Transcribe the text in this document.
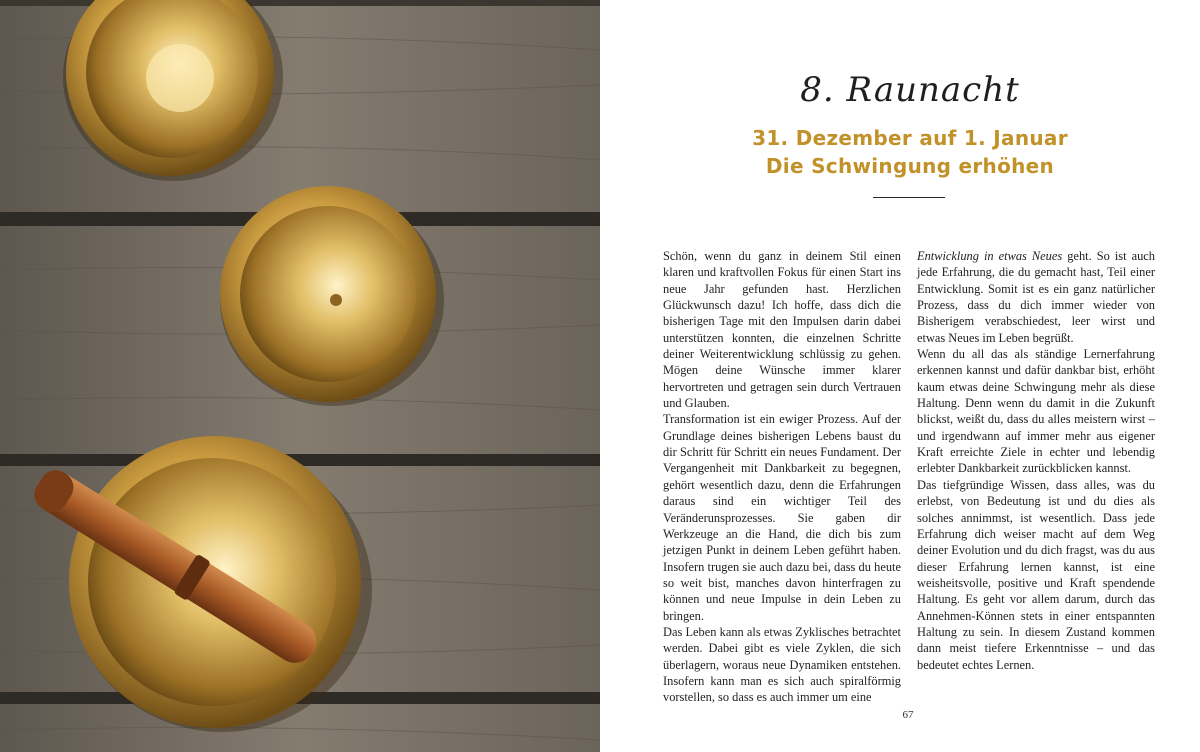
8. Raunacht
31. Dezember auf 1. Januar
Die Schwingung erhöhen

Schön, wenn du ganz in deinem Stil einen klaren und kraftvollen Fokus für einen Start ins neue Jahr gefunden hast. Herzlichen Glückwunsch dazu! Ich hoffe, dass dich die bisherigen Tage mit den Impulsen darin dabei unterstützen konnten, die einzelnen Schritte deiner Weiterentwicklung schlüssig zu gehen. Mögen deine Wünsche immer klarer hervortreten und getragen sein durch Vertrauen und Glauben.

Transformation ist ein ewiger Prozess. Auf der Grundlage deines bisherigen Lebens baust du dir Schritt für Schritt ein neues Fundament. Der Vergangenheit mit Dankbarkeit zu begegnen, gehört wesentlich dazu, denn die Erfahrungen daraus sind ein wichtiger Teil des Veränderunsprozesses. Sie gaben dir Werkzeuge an die Hand, die dich bis zum jetzigen Punkt in deinem Leben geführt haben. Insofern trugen sie auch dazu bei, dass du heute so weit bist, manches davon hinterfragen zu können und neue Impulse in dein Leben zu bringen.

Das Leben kann als etwas Zyklisches betrachtet werden. Dabei gibt es viele Zyklen, die sich überlagern, woraus neue Dynamiken entstehen. Insofern kann man es sich auch spiralförmig vorstellen, so dass es auch immer um eine

Entwicklung in etwas Neues geht. So ist auch jede Erfahrung, die du gemacht hast, Teil einer Entwicklung. Somit ist es ein ganz natürlicher Prozess, dass du dich immer wieder von Bisherigem verabschiedest, leer wirst und etwas Neues im Leben begrüßt.

Wenn du all das als ständige Lernerfahrung erkennen kannst und dafür dankbar bist, erhöht kaum etwas deine Schwingung mehr als diese Haltung. Denn wenn du damit in die Zukunft blickst, weißt du, dass du alles meistern wirst – und irgendwann auf immer mehr aus eigener Kraft erreichte Ziele in echter und lebendig erlebter Dankbarkeit zurückblicken kannst.

Das tiefgründige Wissen, dass alles, was du erlebst, von Bedeutung ist und du dies als solches annimmst, ist wesentlich. Dass jede Erfahrung dich weiser macht auf dem Weg deiner Evolution und du dich fragst, was du aus dieser Erfahrung lernen kannst, ist eine weisheitsvolle, positive und Kraft spendende Haltung. Es geht vor allem darum, durch das Annehmen-Können stets in einer entspannten Haltung zu sein. In diesem Zustand kommen dann meist tiefere Erkenntnisse – und das bedeutet echtes Lernen.

67
